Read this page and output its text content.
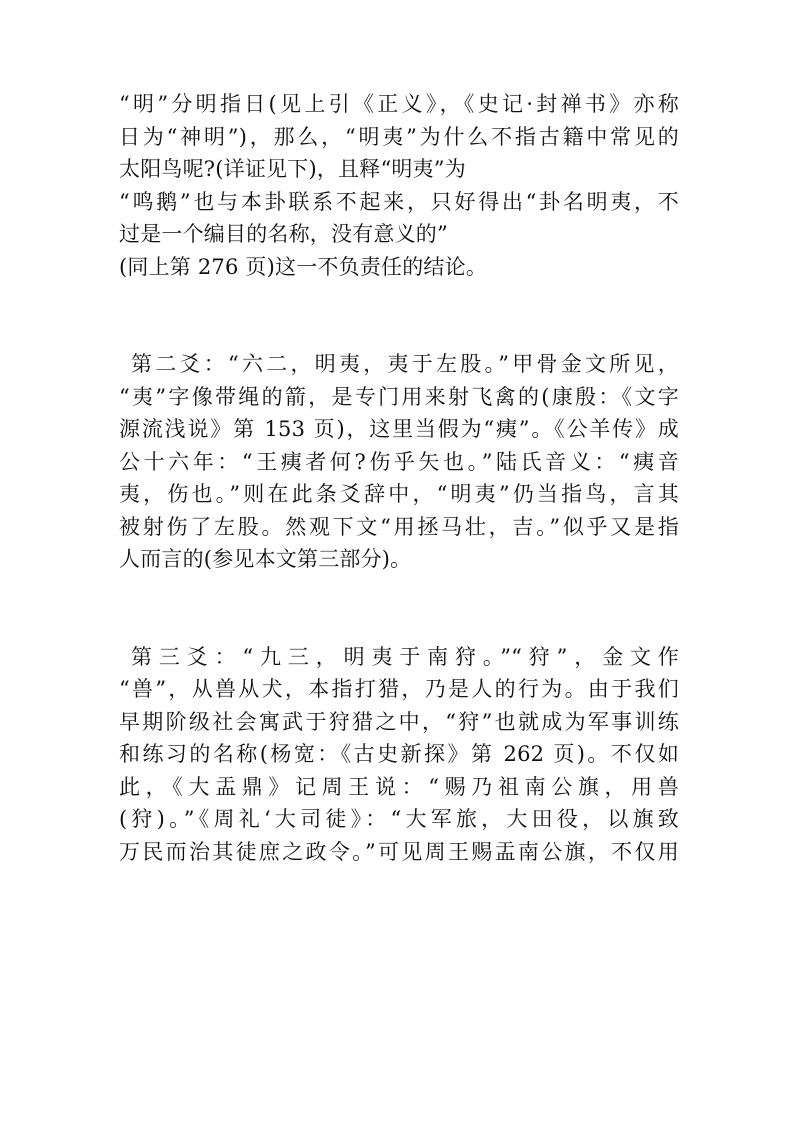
“明”分明指日(见上引《正义》，《史记·封禅书》亦称
日为“神明”)，那么，“明夷”为什么不指古籍中常见的
太阳鸟呢?(详证见下)，且释“明夷”为
“鸣鹅”也与本卦联系不起来，只好得出“卦名明夷，不
过是一个编目的名称，没有意义的”
(同上第 276 页)这一不负责任的结论。
第二爻：“六二，明夷，夷于左股。”甲骨金文所见，
“夷”字像带绳的箭，是专门用来射飞禽的(康殷：《文字
源流浅说》第 153 页)，这里当假为“痍”。《公羊传》成
公十六年：“王痍者何?伤乎矢也。”陆氏音义：“痍音
夷，伤也。”则在此条爻辞中，“明夷”仍当指鸟，言其
被射伤了左股。然观下文“用拯马壮，吉。”似乎又是指
人而言的(参见本文第三部分)。
第三爻：“九三，明夷于南狩。”“狩”，金文作
“兽”，从兽从犬，本指打猎，乃是人的行为。由于我们
早期阶级社会寓武于狩猎之中，“狩”也就成为军事训练
和练习的名称(杨宽：《古史新探》第 262 页)。不仅如
此，《大盂鼎》记周王说：“赐乃祖南公旗，用兽
(狩)。”《周礼‘大司徒》：“大军旅，大田役，以旗致
万民而治其徒庶之政令。”可见周王赐盂南公旗，不仅用
